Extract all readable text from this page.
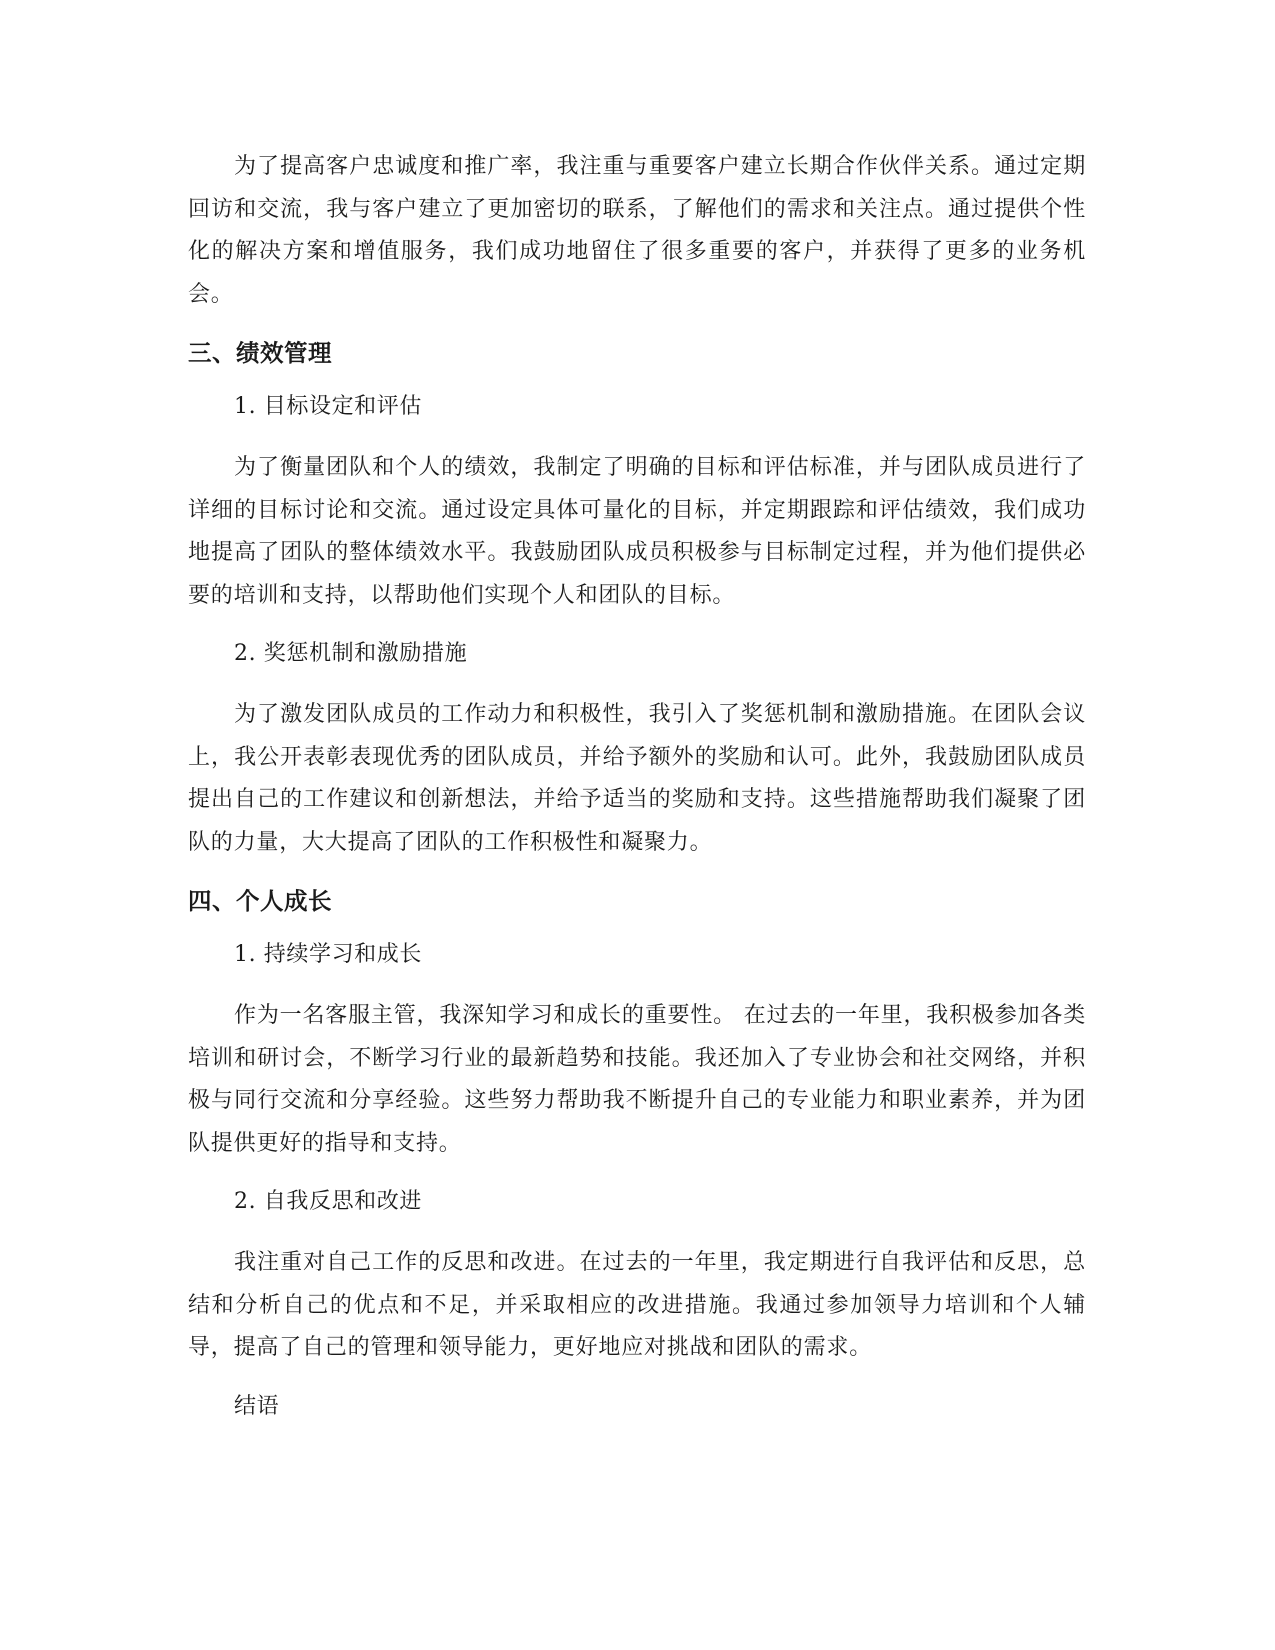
为了提高客户忠诚度和推广率，我注重与重要客户建立长期合作伙伴关系。通过定期回访和交流，我与客户建立了更加密切的联系，了解他们的需求和关注点。通过提供个性化的解决方案和增值服务，我们成功地留住了很多重要的客户，并获得了更多的业务机会。

三、绩效管理
1. 目标设定和评估

为了衡量团队和个人的绩效，我制定了明确的目标和评估标准，并与团队成员进行了详细的目标讨论和交流。通过设定具体可量化的目标，并定期跟踪和评估绩效，我们成功地提高了团队的整体绩效水平。我鼓励团队成员积极参与目标制定过程，并为他们提供必要的培训和支持，以帮助他们实现个人和团队的目标。

2. 奖惩机制和激励措施

为了激发团队成员的工作动力和积极性，我引入了奖惩机制和激励措施。在团队会议上，我公开表彰表现优秀的团队成员，并给予额外的奖励和认可。此外，我鼓励团队成员提出自己的工作建议和创新想法，并给予适当的奖励和支持。这些措施帮助我们凝聚了团队的力量，大大提高了团队的工作积极性和凝聚力。

四、个人成长
1. 持续学习和成长

作为一名客服主管，我深知学习和成长的重要性。 在过去的一年里，我积极参加各类培训和研讨会，不断学习行业的最新趋势和技能。我还加入了专业协会和社交网络，并积极与同行交流和分享经验。这些努力帮助我不断提升自己的专业能力和职业素养，并为团队提供更好的指导和支持。

2. 自我反思和改进

我注重对自己工作的反思和改进。在过去的一年里，我定期进行自我评估和反思，总结和分析自己的优点和不足，并采取相应的改进措施。我通过参加领导力培训和个人辅导，提高了自己的管理和领导能力，更好地应对挑战和团队的需求。

结语
